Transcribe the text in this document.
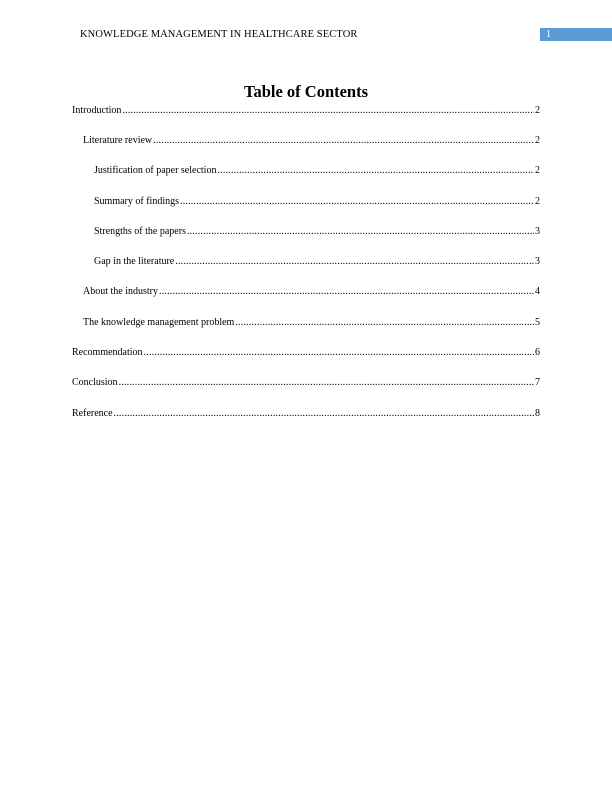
KNOWLEDGE MANAGEMENT IN HEALTHCARE SECTOR	1
Table of Contents
Introduction .....	2
Literature review .....	2
Justification of paper selection .....	2
Summary of findings .....	2
Strengths of the papers .....	3
Gap in the literature .....	3
About the industry .....	4
The knowledge management problem .....	5
Recommendation .....	6
Conclusion .....	7
Reference .....	8
